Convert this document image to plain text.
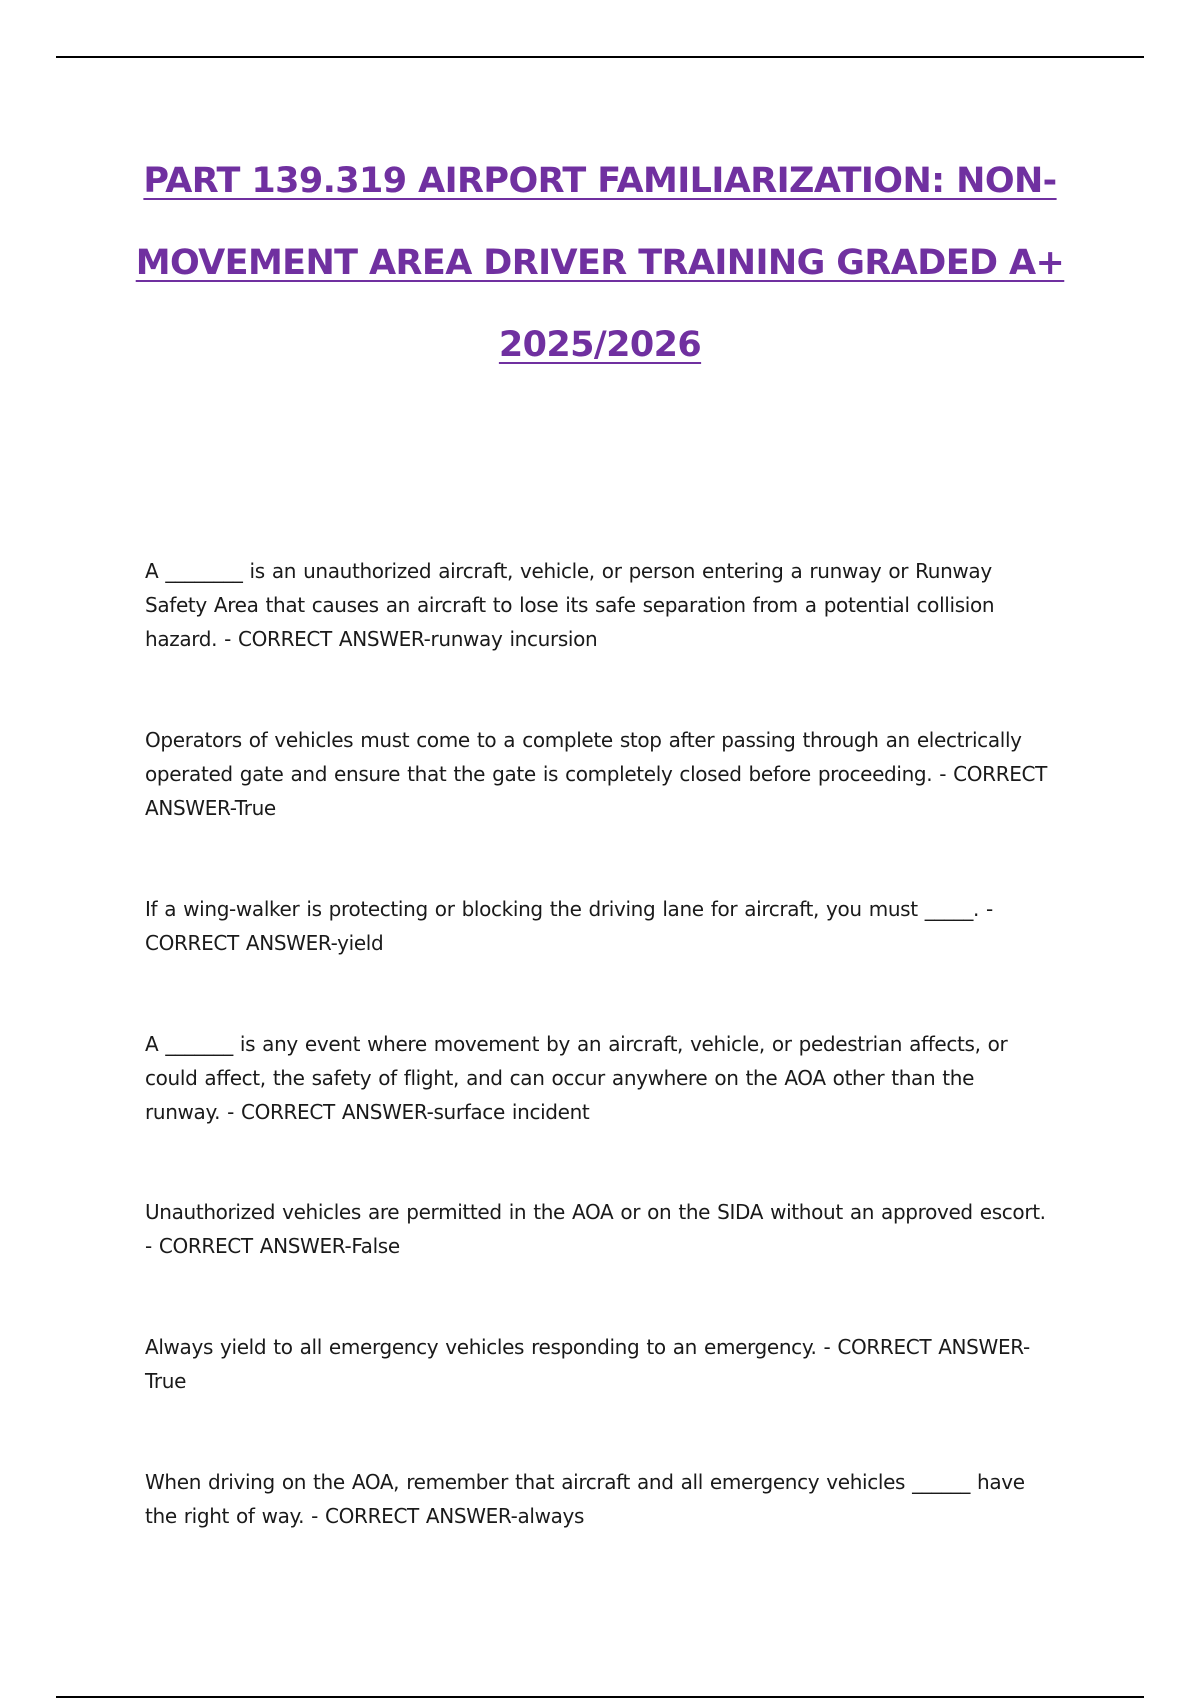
PART 139.319 AIRPORT FAMILIARIZATION: NON-
MOVEMENT AREA DRIVER TRAINING GRADED A+
2025/2026

A ________ is an unauthorized aircraft, vehicle, or person entering a runway or Runway Safety Area that causes an aircraft to lose its safe separation from a potential collision hazard. - CORRECT ANSWER-runway incursion

Operators of vehicles must come to a complete stop after passing through an electrically operated gate and ensure that the gate is completely closed before proceeding. - CORRECT ANSWER-True

If a wing-walker is protecting or blocking the driving lane for aircraft, you must _____. - CORRECT ANSWER-yield

A _______ is any event where movement by an aircraft, vehicle, or pedestrian affects, or could affect, the safety of flight, and can occur anywhere on the AOA other than the runway. - CORRECT ANSWER-surface incident

Unauthorized vehicles are permitted in the AOA or on the SIDA without an approved escort. - CORRECT ANSWER-False

Always yield to all emergency vehicles responding to an emergency. - CORRECT ANSWER-True

When driving on the AOA, remember that aircraft and all emergency vehicles ______ have the right of way. - CORRECT ANSWER-always
